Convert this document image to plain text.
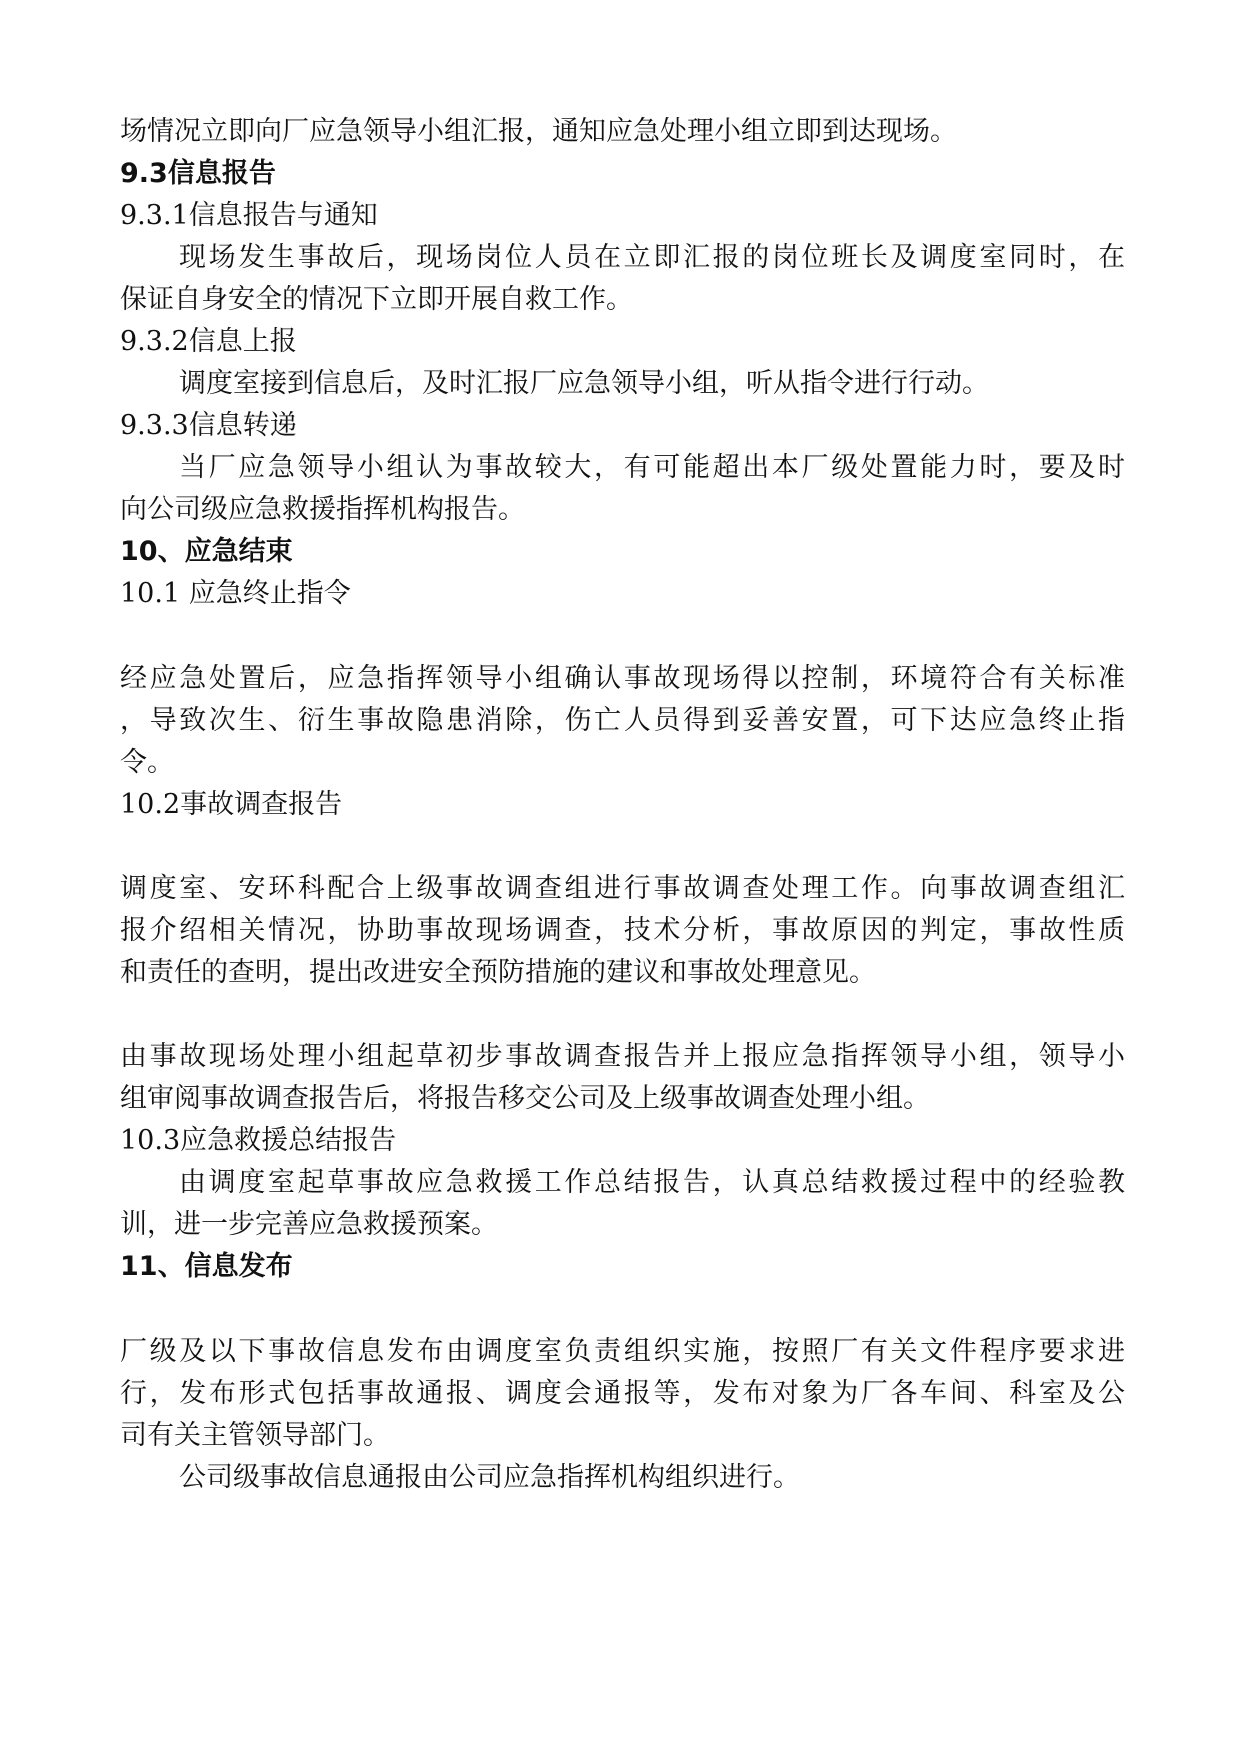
场情况立即向厂应急领导小组汇报，通知应急处理小组立即到达现场。
9.3信息报告
9.3.1信息报告与通知
现场发生事故后，现场岗位人员在立即汇报的岗位班长及调度室同时，在
保证自身安全的情况下立即开展自救工作。
9.3.2信息上报
调度室接到信息后，及时汇报厂应急领导小组，听从指令进行行动。
9.3.3信息转递
当厂应急领导小组认为事故较大，有可能超出本厂级处置能力时，要及时
向公司级应急救援指挥机构报告。
10、应急结束
10.1 应急终止指令
经应急处置后，应急指挥领导小组确认事故现场得以控制，环境符合有关标准
，导致次生、衍生事故隐患消除，伤亡人员得到妥善安置，可下达应急终止指
令。
10.2事故调查报告
调度室、安环科配合上级事故调查组进行事故调查处理工作。向事故调查组汇
报介绍相关情况，协助事故现场调查，技术分析，事故原因的判定，事故性质
和责任的查明，提出改进安全预防措施的建议和事故处理意见。
由事故现场处理小组起草初步事故调查报告并上报应急指挥领导小组，领导小
组审阅事故调查报告后，将报告移交公司及上级事故调查处理小组。
10.3应急救援总结报告
由调度室起草事故应急救援工作总结报告，认真总结救援过程中的经验教
训，进一步完善应急救援预案。
11、信息发布
厂级及以下事故信息发布由调度室负责组织实施，按照厂有关文件程序要求进
行，发布形式包括事故通报、调度会通报等，发布对象为厂各车间、科室及公
司有关主管领导部门。
公司级事故信息通报由公司应急指挥机构组织进行。
